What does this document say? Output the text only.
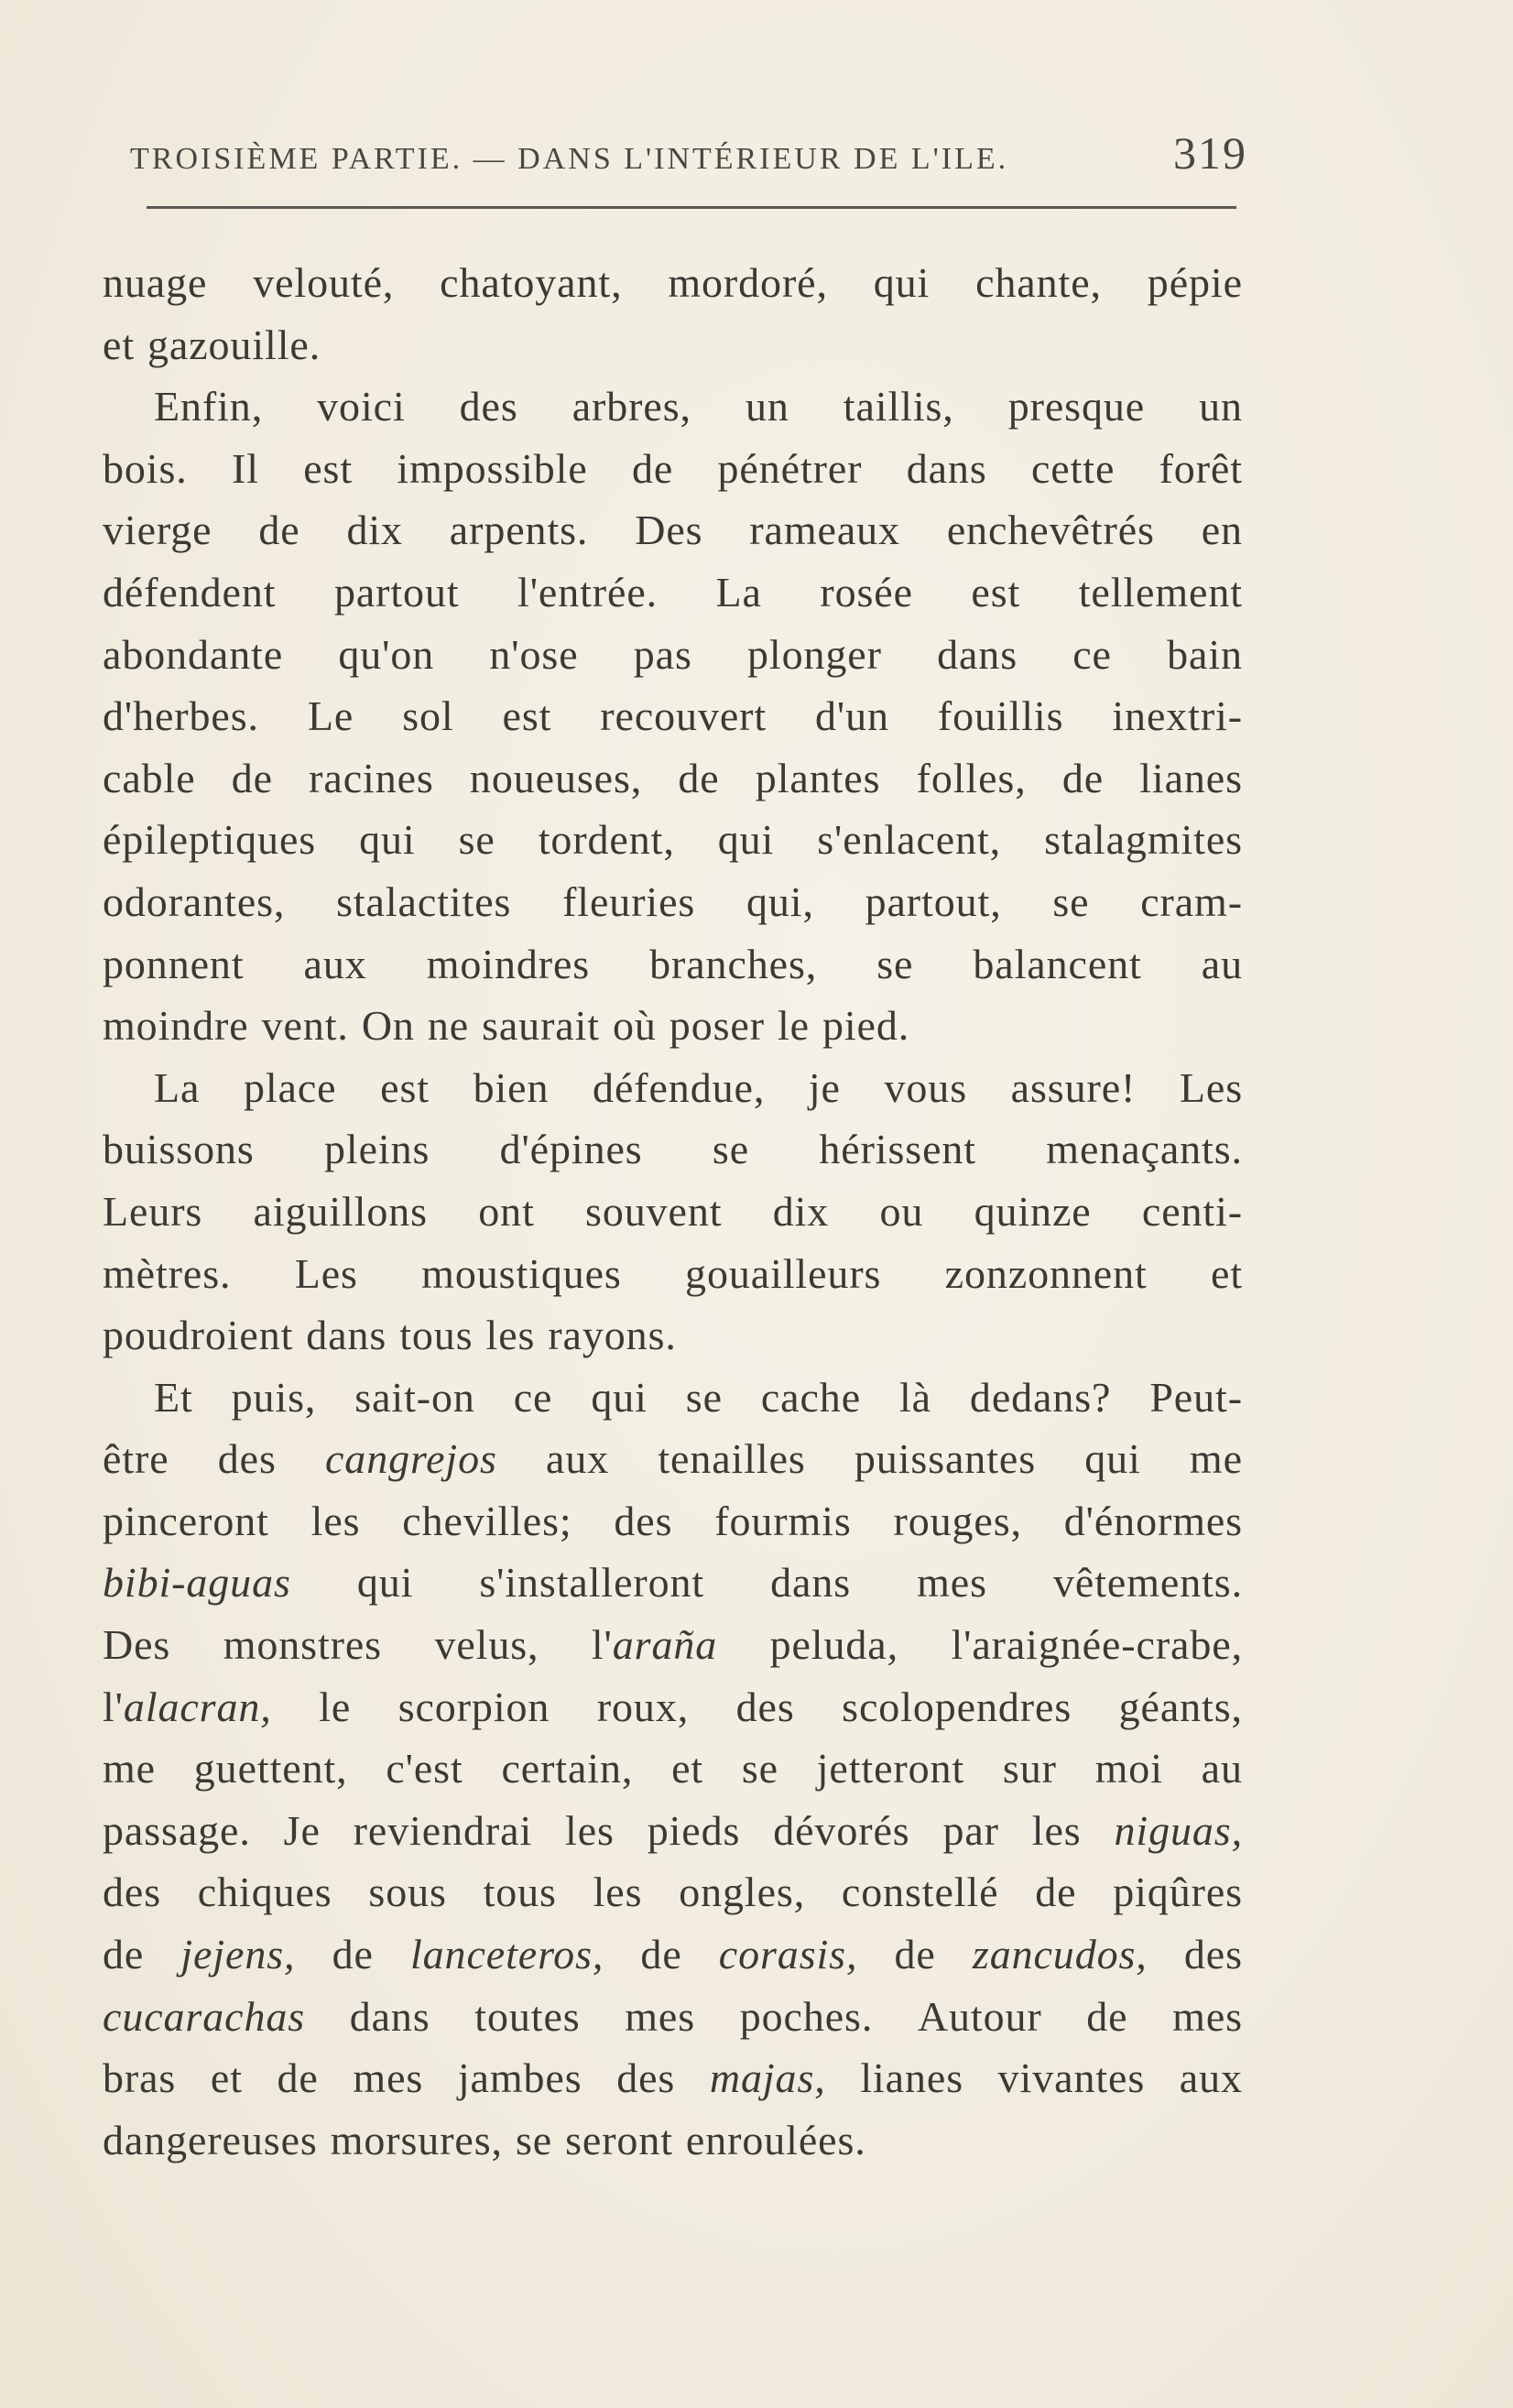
TROISIÈME PARTIE. — DANS L'INTÉRIEUR DE L'ILE.	319
nuage velouté, chatoyant, mordoré, qui chante, pépie
et gazouille.
Enfin, voici des arbres, un taillis, presque un
bois. Il est impossible de pénétrer dans cette forêt
vierge de dix arpents. Des rameaux enchevêtrés en
défendent partout l'entrée. La rosée est tellement
abondante qu'on n'ose pas plonger dans ce bain
d'herbes. Le sol est recouvert d'un fouillis inextri-
cable de racines noueuses, de plantes folles, de lianes
épileptiques qui se tordent, qui s'enlacent, stalagmites
odorantes, stalactites fleuries qui, partout, se cram-
ponnent aux moindres branches, se balancent au
moindre vent. On ne saurait où poser le pied.
La place est bien défendue, je vous assure! Les
buissons pleins d'épines se hérissent menaçants.
Leurs aiguillons ont souvent dix ou quinze centi-
mètres. Les moustiques gouailleurs zonzonnent et
poudroient dans tous les rayons.
Et puis, sait-on ce qui se cache là dedans? Peut-
être des cangrejos aux tenailles puissantes qui me
pinceront les chevilles; des fourmis rouges, d'énormes
bibi-aguas qui s'installeront dans mes vêtements.
Des monstres velus, l'araña peluda, l'araignée-crabe,
l'alacran, le scorpion roux, des scolopendres géants,
me guettent, c'est certain, et se jetteront sur moi au
passage. Je reviendrai les pieds dévorés par les niguas,
des chiques sous tous les ongles, constellé de piqûres
de jejens, de lanceteros, de corasis, de zancudos, des
cucarachas dans toutes mes poches. Autour de mes
bras et de mes jambes des majas, lianes vivantes aux
dangereuses morsures, se seront enroulées.
